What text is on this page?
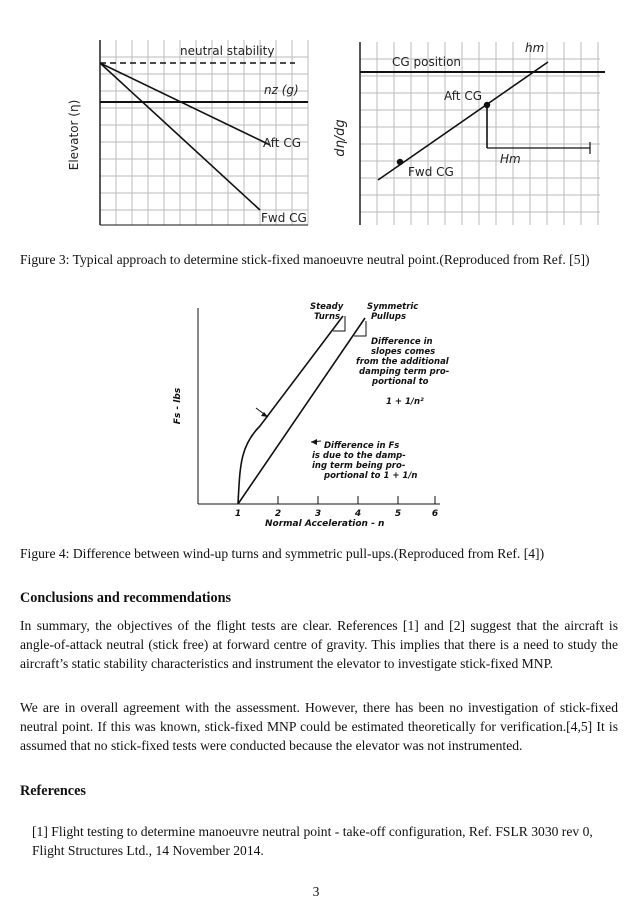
Elevator (η)
neutral stability
nz (g)
Aft CG
Fwd CG
dη/dg
CG position
hm
Aft CG
Hm
Fwd CG
Figure 3: Typical approach to determine stick-fixed manoeuvre neutral point.(Reproduced from Ref. [5])
Fs - lbs
1	2	3	4	5	6
Normal Acceleration - n
Steady
Turns
Symmetric
Pullups
Difference in
slopes comes
from the additional
damping term pro-
portional to
1 + 1/n²
Difference in Fs
is due to the damp-
ing term being pro-
portional to 1 + 1/n
Figure 4: Difference between wind-up turns and symmetric pull-ups.(Reproduced from Ref. [4])
Conclusions and recommendations

In summary, the objectives of the flight tests are clear. References [1] and [2] suggest that the aircraft is angle-of-attack neutral (stick free) at forward centre of gravity. This implies that there is a need to study the aircraft’s static stability characteristics and instrument the elevator to investigate stick-fixed MNP.

We are in overall agreement with the assessment. However, there has been no investigation of stick-fixed neutral point. If this was known, stick-fixed MNP could be estimated theoretically for verification.[4,5] It is assumed that no stick-fixed tests were conducted because the elevator was not instrumented.

References
[1] Flight testing to determine manoeuvre neutral point - take-off configuration, Ref. FSLR 3030 rev 0, Flight Structures Ltd., 14 November 2014.
3
